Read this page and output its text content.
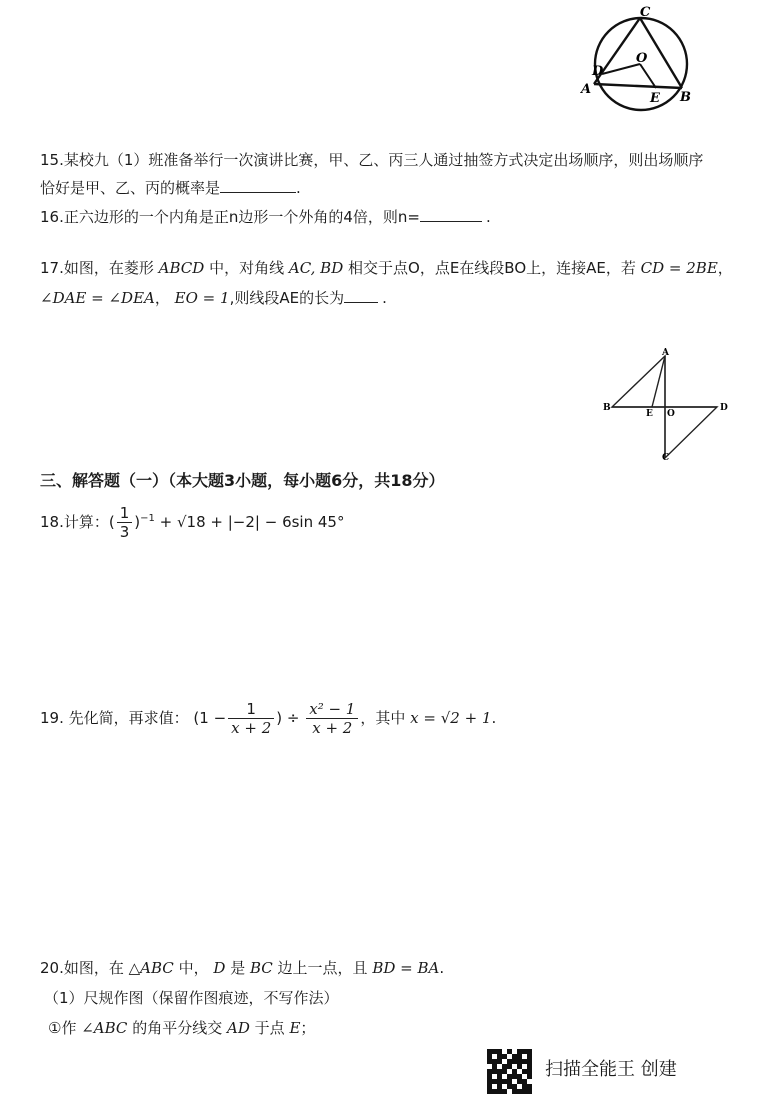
C
O
D
A
E B
15.某校九（1）班准备举行一次演讲比赛，甲、乙、丙三人通过抽签方式决定出场顺序，则出场顺序
恰好是甲、乙、丙的概率是	.
16.正六边形的一个内角是正n边形一个外角的4倍，则n=	.
17.如图，在菱形 ABCD 中，对角线 AC, BD 相交于点O，点E在线段BO上，连接AE，若 CD = 2BE，
∠DAE = ∠DEA， EO = 1,则线段AE的长为	.
A
B
E O
D
C
三、解答题（一）（本大题3小题，每小题6分，共18分）
18.计算：( $\frac{1}{3} )^{-1} + √18 + |-2| - 6\sin$ 45°
19. 先化简，再求值： ($1 - \frac{1}{x + 2}$ ) ÷ $\frac{\text{x² − 1}}{x + 2}$ ，其中 x = √2 + 1.
20.如图，在 △ABC 中， D 是 BC 边上一点，且 BD = BA.
（1）尺规作图（保留作图痕迹，不写作法）
①作 ∠ABC 的角平分线交 AD 于点 E；
扫描全能王 创建
